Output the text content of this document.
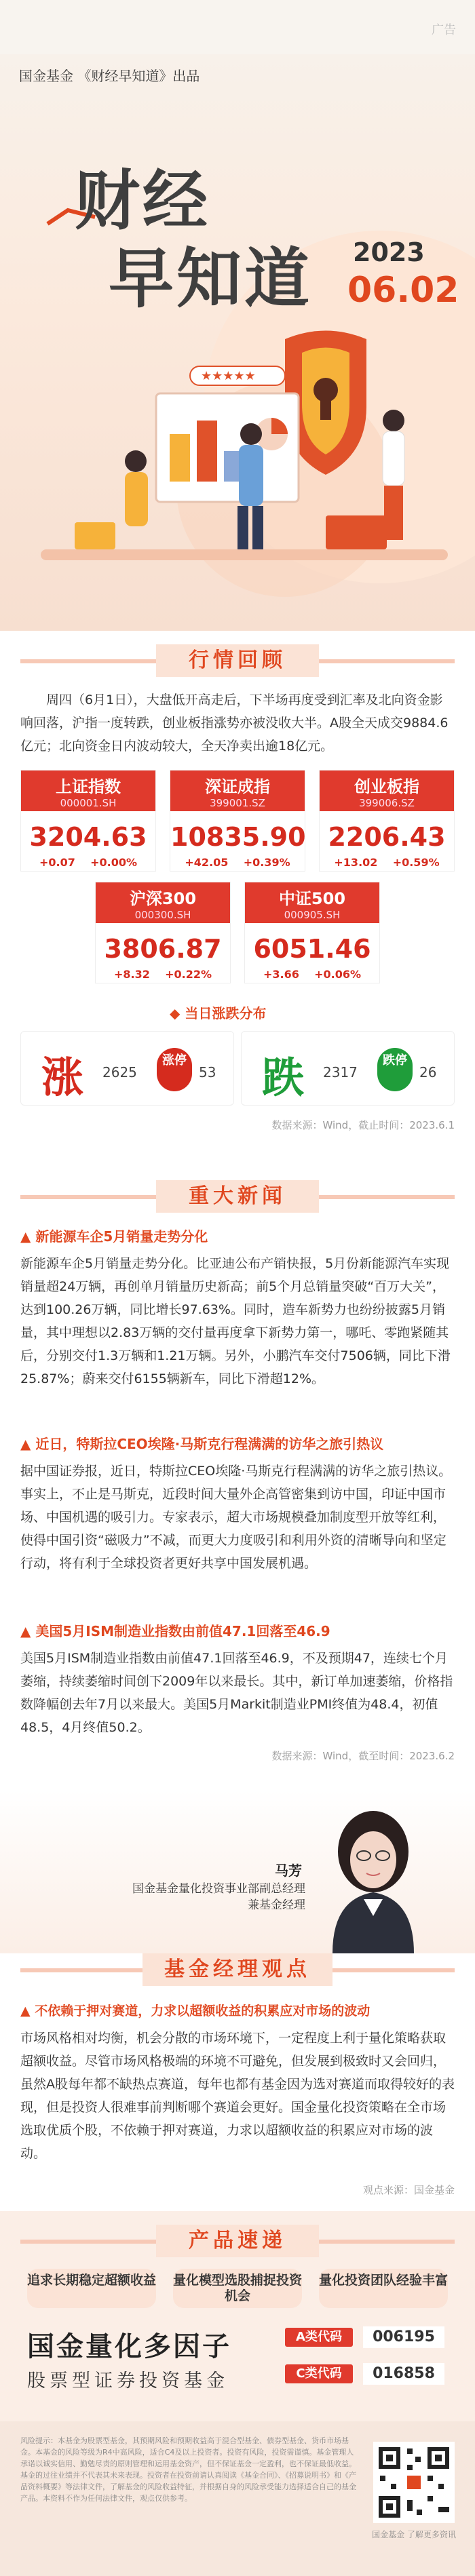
广告
★★★★★
财经
早知道 2023
06.02
国金基金 《财经早知道》出品
行情回顾
周四（6月1日），大盘低开高走后，下半场再度受到汇率及北向资金影响回落，沪指一度转跌，创业板指涨势亦被没收大半。A股全天成交9884.6亿元；北向资金日内波动较大，全天净卖出逾18亿元。
上证指数
000001.SH
3204.63
+0.07 +0.00%
深证成指
399001.SZ
10835.90
+42.05 +0.39%
创业板指
399006.SZ
2206.43
+13.02 +0.59%
沪深300
000300.SH
3806.87
+8.32 +0.22%
中证500
000905.SH
6051.46
+3.66 +0.06%
◆ 当日涨跌分布
涨 2625
涨停
53 跌 2317
跌停
26
数据来源：Wind，截止时间：2023.6.1
重大新闻
▲ 新能源车企5月销量走势分化
新能源车企5月销量走势分化。比亚迪公布产销快报，5月份新能源汽车实现销量超24万辆，再创单月销量历史新高；前5个月总销量突破“百万大关”，达到100.26万辆，同比增长97.63%。同时，造车新势力也纷纷披露5月销量，其中理想以2.83万辆的交付量再度拿下新势力第一，哪吒、零跑紧随其后，分别交付1.3万辆和1.21万辆。另外，小鹏汽车交付7506辆，同比下滑25.87%；蔚来交付6155辆新车，同比下滑超12%。
▲ 近日，特斯拉CEO埃隆·马斯克行程满满的访华之旅引热议
据中国证券报，近日，特斯拉CEO埃隆·马斯克行程满满的访华之旅引热议。事实上，不止是马斯克，近段时间大量外企高管密集到访中国，印证中国市场、中国机遇的吸引力。专家表示，超大市场规模叠加制度型开放等红利，使得中国引资“磁吸力”不减，而更大力度吸引和利用外资的清晰导向和坚定行动，将有利于全球投资者更好共享中国发展机遇。
▲ 美国5月ISM制造业指数由前值47.1回落至46.9
美国5月ISM制造业指数由前值47.1回落至46.9，不及预期47，连续七个月萎缩，持续萎缩时间创下2009年以来最长。其中，新订单加速萎缩，价格指数降幅创去年7月以来最大。美国5月Markit制造业PMI终值为48.4，初值48.5，4月终值50.2。
数据来源：Wind，截至时间：2023.6.2
马芳
国金基金量化投资事业部副总经理
兼基金经理
基金经理观点
▲ 不依赖于押对赛道，力求以超额收益的积累应对市场的波动
市场风格相对均衡，机会分散的市场环境下，一定程度上利于量化策略获取超额收益。尽管市场风格极端的环境不可避免，但发展到极致时又会回归，虽然A股每年都不缺热点赛道，每年也都有基金因为选对赛道而取得较好的表现，但是投资人很难事前判断哪个赛道会更好。国金量化投资策略在全市场选取优质个股，不依赖于押对赛道，力求以超额收益的积累应对市场的波动。
观点来源：国金基金
产品速递
追求长期稳定超额收益 量化模型选股捕捉投资机会
量化投资团队经验丰富
国金量化多因子
股票型证券投资基金
A类代码	006195
C类代码	016858
风险提示：本基金为股票型基金，其预期风险和预期收益高于混合型基金、债券型基金、货币市场基金。本基金的风险等级为R4中高风险，适合C4及以上投资者。投资有风险，投资需谨慎。基金管理人承诺以诚实信用、勤勉尽责的原则管理和运用基金资产，但不保证基金一定盈利，也不保证最低收益。基金的过往业绩并不代表其未来表现。投资者在投资前请认真阅读《基金合同》、《招募说明书》和《产品资料概要》等法律文件，了解基金的风险收益特征，并根据自身的风险承受能力选择适合自己的基金产品。本资料不作为任何法律文件，观点仅供参考。
国金基金 了解更多资讯
